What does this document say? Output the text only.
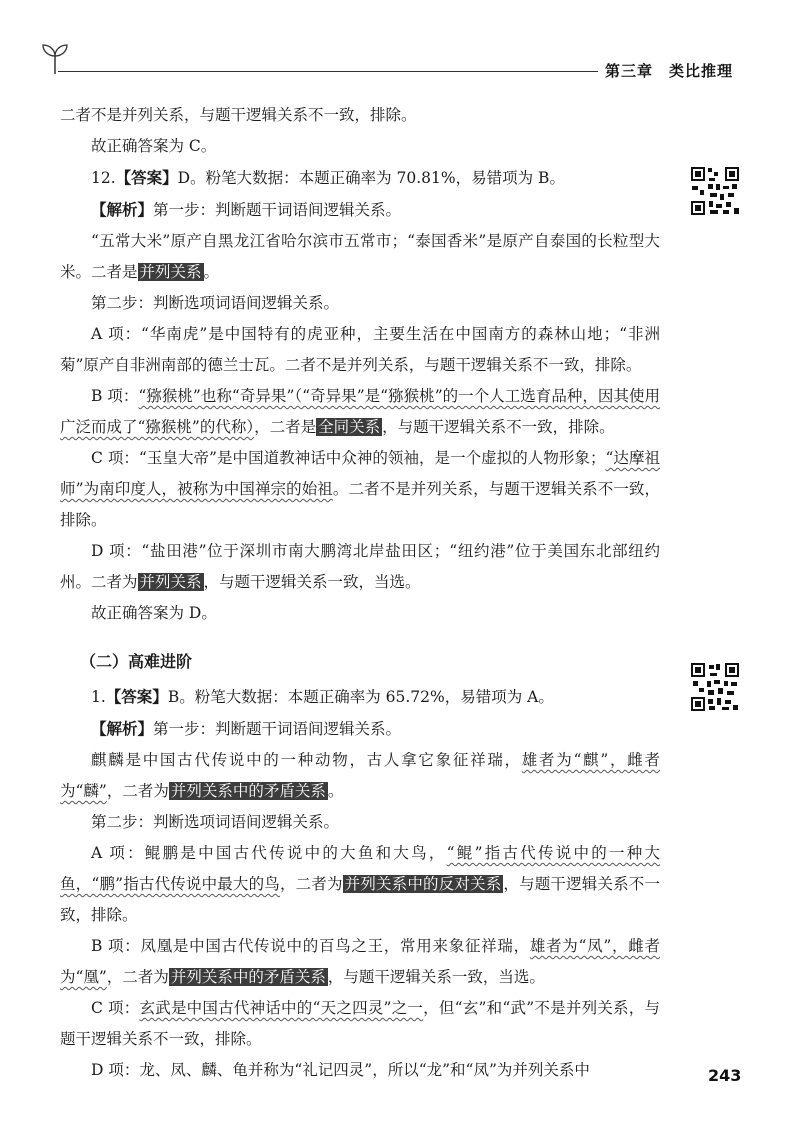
第三章 类比推理

二者不是并列关系，与题干逻辑关系不一致，排除。

故正确答案为 C。

12.【答案】D。粉笔大数据：本题正确率为 70.81%，易错项为 B。

【解析】第一步：判断题干词语间逻辑关系。

“五常大米”原产自黑龙江省哈尔滨市五常市；“泰国香米”是原产自泰国的长粒型大米。二者是 并列关系 。

第二步：判断选项词语间逻辑关系。

A 项：“华南虎”是中国特有的虎亚种，主要生活在中国南方的森林山地；“非洲菊”原产自非洲南部的德兰士瓦。二者不是并列关系，与题干逻辑关系不一致，排除。

B 项：“猕猴桃”也称“奇异果”（“奇异果”是“猕猴桃”的一个人工选育品种，因其使用广泛而成了“猕猴桃”的代称），二者是 全同关系 ，与题干逻辑关系不一致，排除。

C 项：“玉皇大帝”是中国道教神话中众神的领袖，是一个虚拟的人物形象；“达摩祖师”为南印度人，被称为中国禅宗的始祖。二者不是并列关系，与题干逻辑关系不一致，排除。

D 项：“盐田港”位于深圳市南大鹏湾北岸盐田区；“纽约港”位于美国东北部纽约州。二者为 并列关系 ，与题干逻辑关系一致，当选。

故正确答案为 D。

（二）高难进阶

1.【答案】B。粉笔大数据：本题正确率为 65.72%，易错项为 A。

【解析】第一步：判断题干词语间逻辑关系。

麒麟是中国古代传说中的一种动物，古人拿它象征祥瑞，雄者为“麒”，雌者为“麟”，二者为 并列关系中的矛盾关系 。

第二步：判断选项词语间逻辑关系。

A 项：鲲鹏是中国古代传说中的大鱼和大鸟，“鲲”指古代传说中的一种大鱼，“鹏”指古代传说中最大的鸟，二者为 并列关系中的反对关系 ，与题干逻辑关系不一致，排除。

B 项：凤凰是中国古代传说中的百鸟之王，常用来象征祥瑞，雄者为“凤”，雌者为“凰”，二者为 并列关系中的矛盾关系 ，与题干逻辑关系一致，当选。

C 项：玄武是中国古代神话中的“天之四灵”之一，但“玄”和“武”不是并列关系，与题干逻辑关系不一致，排除。

D 项：龙、凤、麟、龟并称为“礼记四灵”，所以“龙”和“凤”为并列关系中	243
